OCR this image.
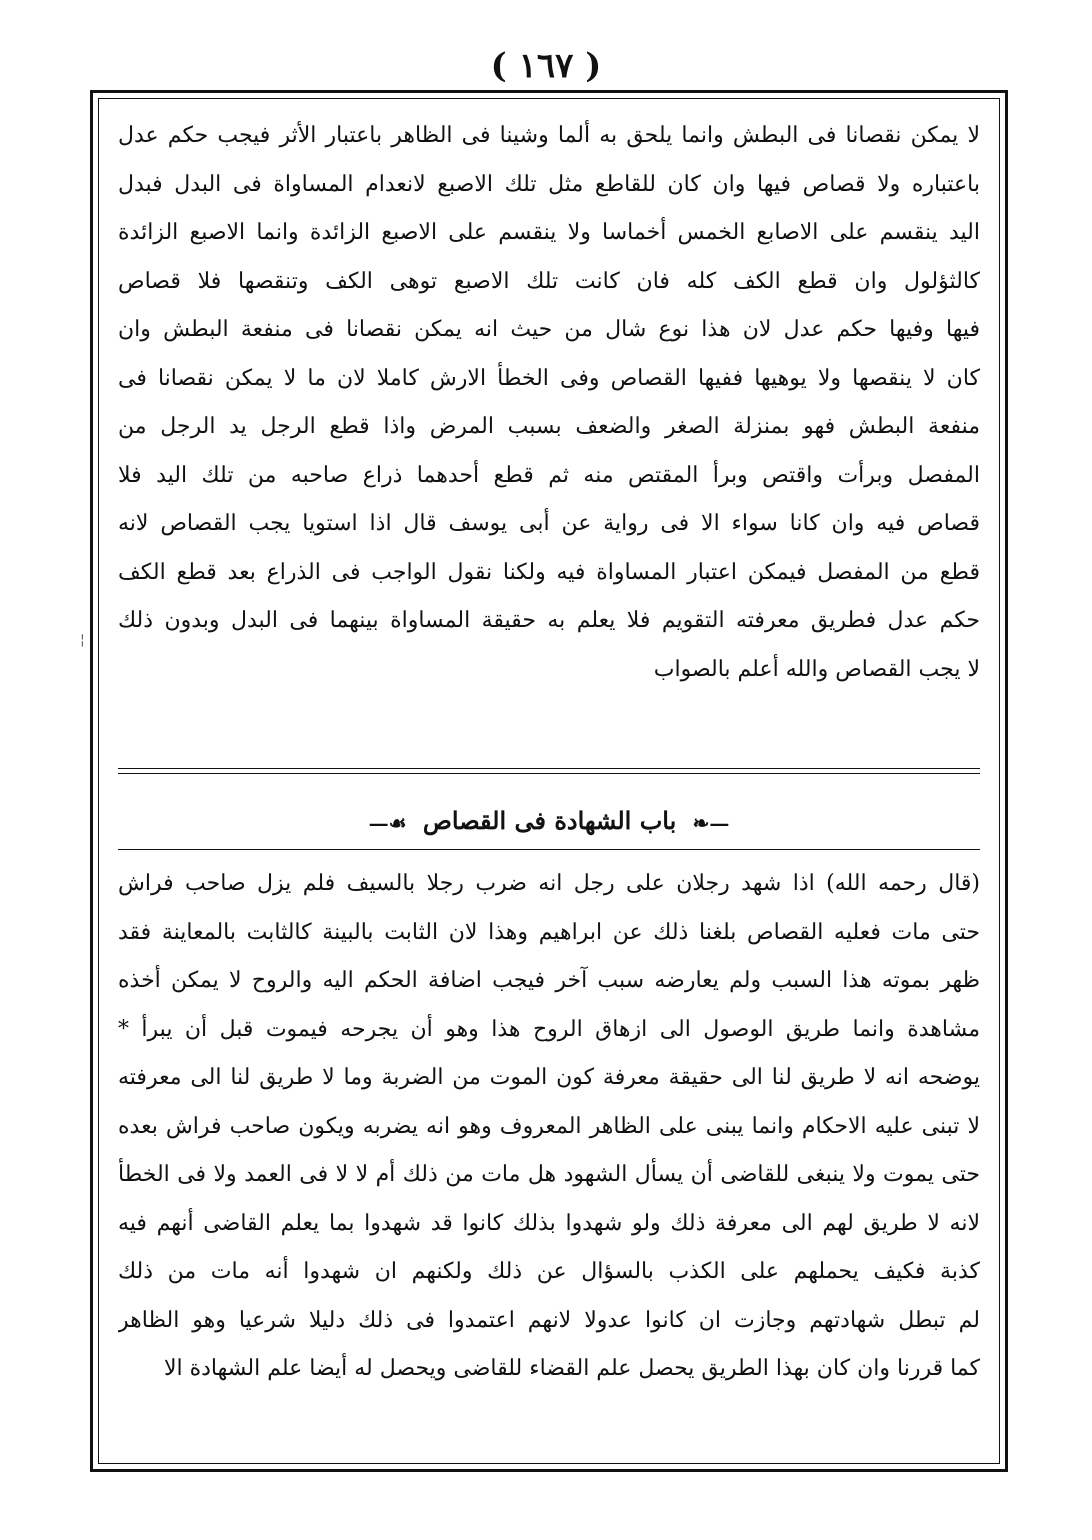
( ١٦٧ )
لا يمكن نقصانا فى البطش وانما يلحق به ألما وشينا فى الظاهر باعتبار الأثر فيجب حكم عدل
باعتباره ولا قصاص فيها وان كان للقاطع مثل تلك الاصبع لانعدام المساواة فى البدل فبدل
اليد ينقسم على الاصابع الخمس أخماسا ولا ينقسم على الاصبع الزائدة وانما الاصبع الزائدة
كالثؤلول وان قطع الكف كله فان كانت تلك الاصبع توهى الكف وتنقصها فلا قصاص
فيها وفيها حكم عدل لان هذا نوع شال من حيث انه يمكن نقصانا فى منفعة البطش وان
كان لا ينقصها ولا يوهيها ففيها القصاص وفى الخطأ الارش كاملا لان ما لا يمكن نقصانا فى
منفعة البطش فهو بمنزلة الصغر والضعف بسبب المرض واذا قطع الرجل يد الرجل من
المفصل وبرأت واقتص وبرأ المقتص منه ثم قطع أحدهما ذراع صاحبه من تلك اليد فلا
قصاص فيه وان كانا سواء الا فى رواية عن أبى يوسف قال اذا استويا يجب القصاص لانه
قطع من المفصل فيمكن اعتبار المساواة فيه ولكنا نقول الواجب فى الذراع بعد قطع الكف
حكم عدل فطريق معرفته التقويم فلا يعلم به حقيقة المساواة بينهما فى البدل وبدون ذلك
لا يجب القصاص والله أعلم بالصواب
—❧ باب الشهادة فى القصاص ☙—
(قال رحمه الله) اذا شهد رجلان على رجل انه ضرب رجلا بالسيف فلم يزل صاحب فراش
حتى مات فعليه القصاص بلغنا ذلك عن ابراهيم وهذا لان الثابت بالبينة كالثابت بالمعاينة فقد
ظهر بموته هذا السبب ولم يعارضه سبب آخر فيجب اضافة الحكم اليه والروح لا يمكن أخذه
مشاهدة وانما طريق الوصول الى ازهاق الروح هذا وهو أن يجرحه فيموت قبل أن يبرأ *
يوضحه انه لا طريق لنا الى حقيقة معرفة كون الموت من الضربة وما لا طريق لنا الى معرفته
لا تبنى عليه الاحكام وانما يبنى على الظاهر المعروف وهو انه يضربه ويكون صاحب فراش بعده
حتى يموت ولا ينبغى للقاضى أن يسأل الشهود هل مات من ذلك أم لا لا فى العمد ولا فى الخطأ
لانه لا طريق لهم الى معرفة ذلك ولو شهدوا بذلك كانوا قد شهدوا بما يعلم القاضى أنهم فيه
كذبة فكيف يحملهم على الكذب بالسؤال عن ذلك ولكنهم ان شهدوا أنه مات من ذلك
لم تبطل شهادتهم وجازت ان كانوا عدولا لانهم اعتمدوا فى ذلك دليلا شرعيا وهو الظاهر
كما قررنا وان كان بهذا الطريق يحصل علم القضاء للقاضى ويحصل له أيضا علم الشهادة الا
¦
